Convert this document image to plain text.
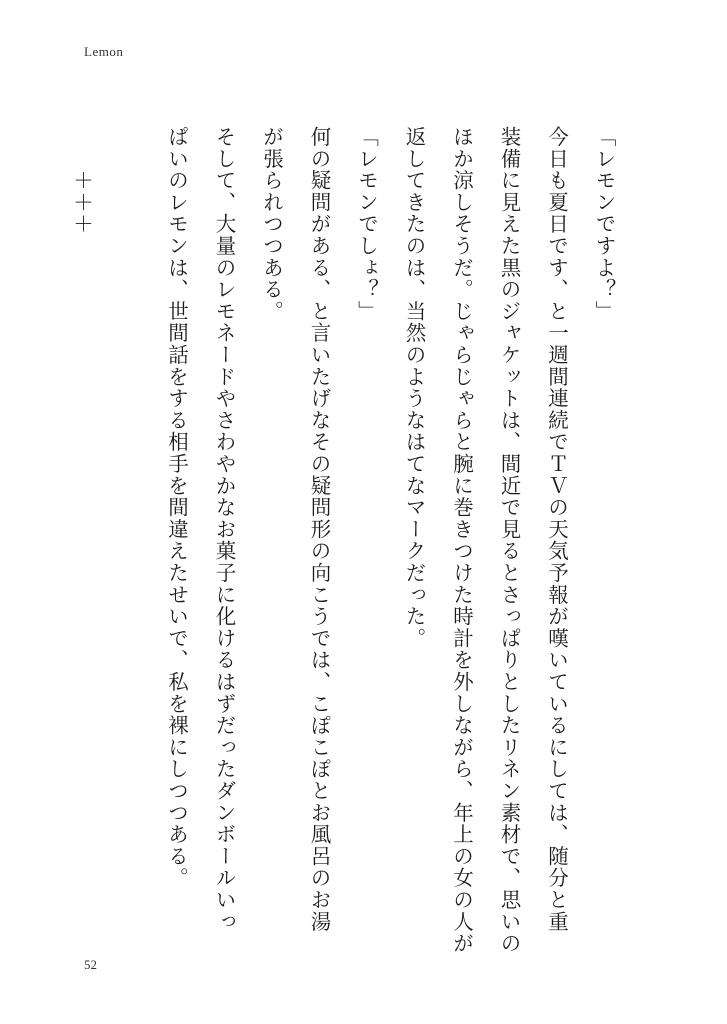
Lemon
「レモンですよ？」
今日も夏日です、と一週間連続でＴＶの天気予報が嘆いているにしては、随分と重
装備に見えた黒のジャケットは、間近で見るとさっぱりとしたリネン素材で、思いの
ほか涼しそうだ。じゃらじゃらと腕に巻きつけた時計を外しながら、年上の女の人が
返してきたのは、当然のようなはてなマークだった。
「レモンでしょ？」
何の疑問がある、と言いたげなその疑問形の向こうでは、こぽこぽとお風呂のお湯
が張られつつある。
そして、大量のレモネードやさわやかなお菓子に化けるはずだったダンボールいっ
ぱいのレモンは、世間話をする相手を間違えたせいで、私を裸にしつつある。
　　＋＋＋
52
